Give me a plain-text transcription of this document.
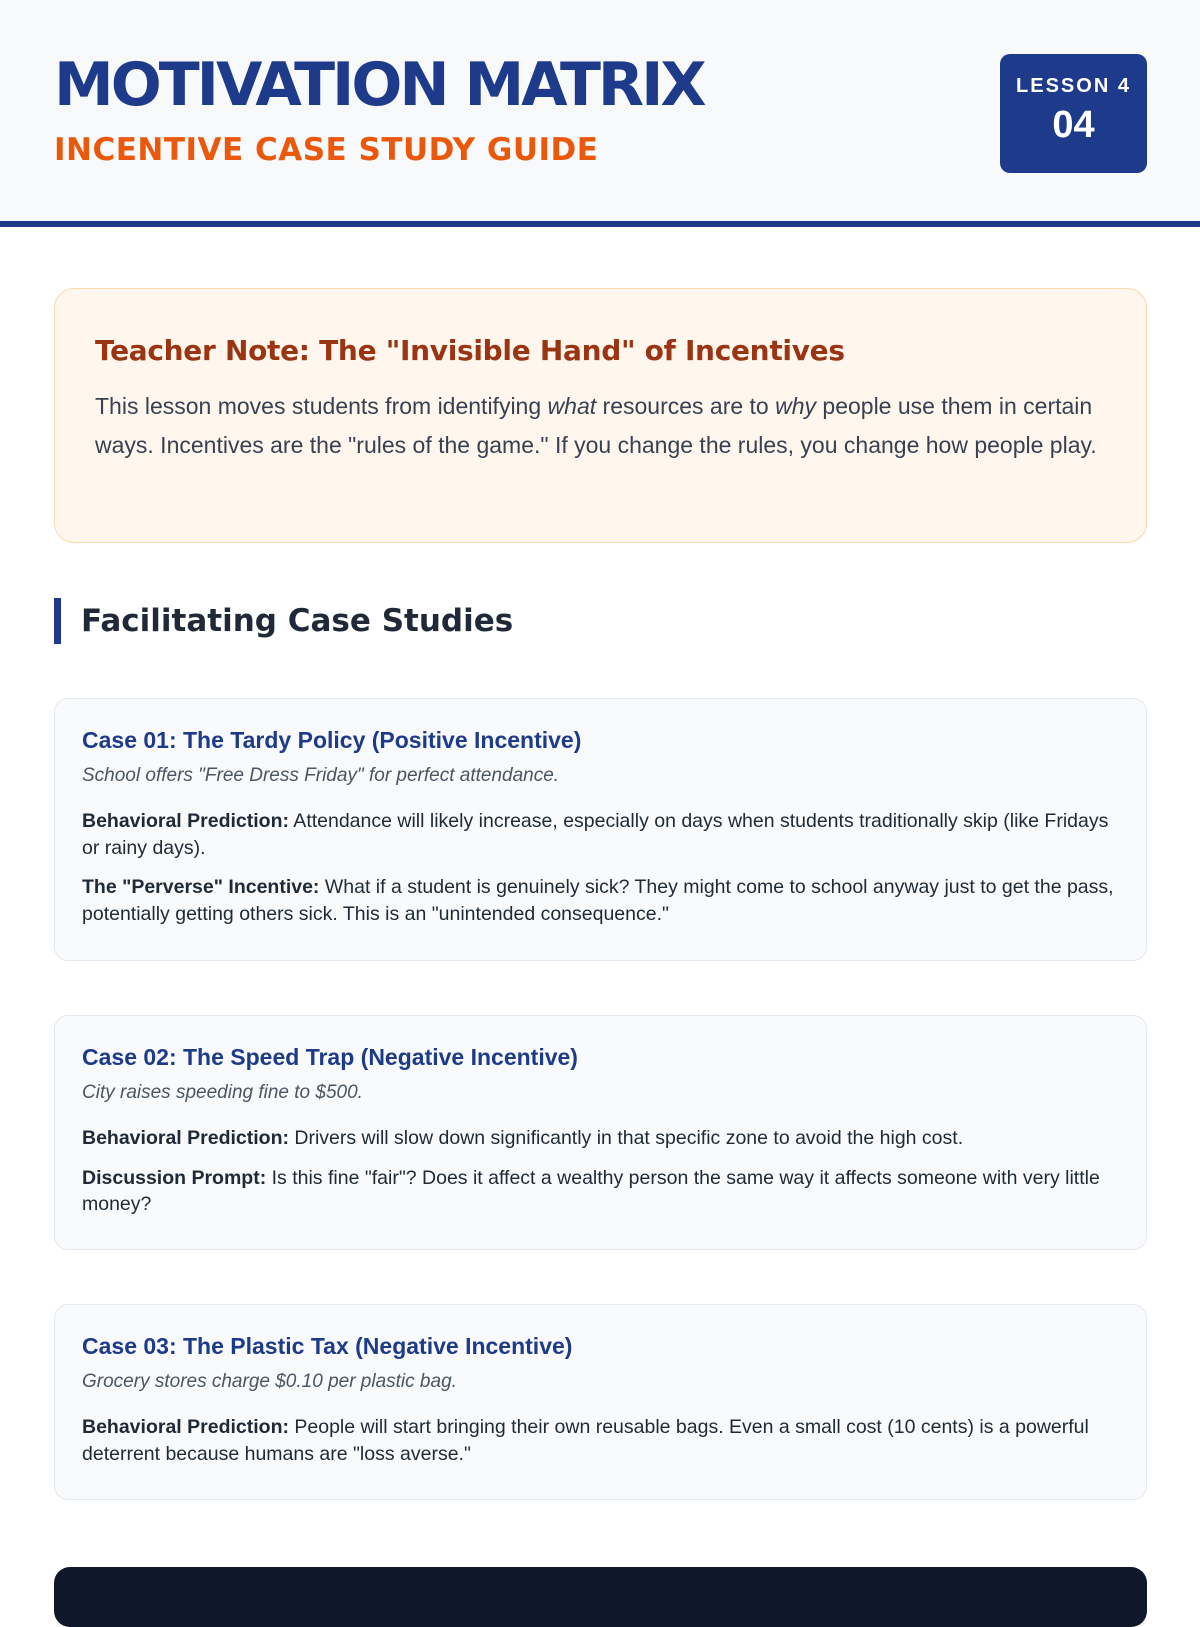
MOTIVATION MATRIX
INCENTIVE CASE STUDY GUIDE
LESSON 4
04
Teacher Note: The "Invisible Hand" of Incentives
This lesson moves students from identifying what resources are to why people use them in certain ways. Incentives are the "rules of the game." If you change the rules, you change how people play.
Facilitating Case Studies
Case 01: The Tardy Policy (Positive Incentive)
School offers "Free Dress Friday" for perfect attendance.
Behavioral Prediction: Attendance will likely increase, especially on days when students traditionally skip (like Fridays or rainy days).
The "Perverse" Incentive: What if a student is genuinely sick? They might come to school anyway just to get the pass, potentially getting others sick. This is an "unintended consequence."
Case 02: The Speed Trap (Negative Incentive)
City raises speeding fine to $500.
Behavioral Prediction: Drivers will slow down significantly in that specific zone to avoid the high cost.
Discussion Prompt: Is this fine "fair"? Does it affect a wealthy person the same way it affects someone with very little money?
Case 03: The Plastic Tax (Negative Incentive)
Grocery stores charge $0.10 per plastic bag.
Behavioral Prediction: People will start bringing their own reusable bags. Even a small cost (10 cents) is a powerful deterrent because humans are "loss averse."
